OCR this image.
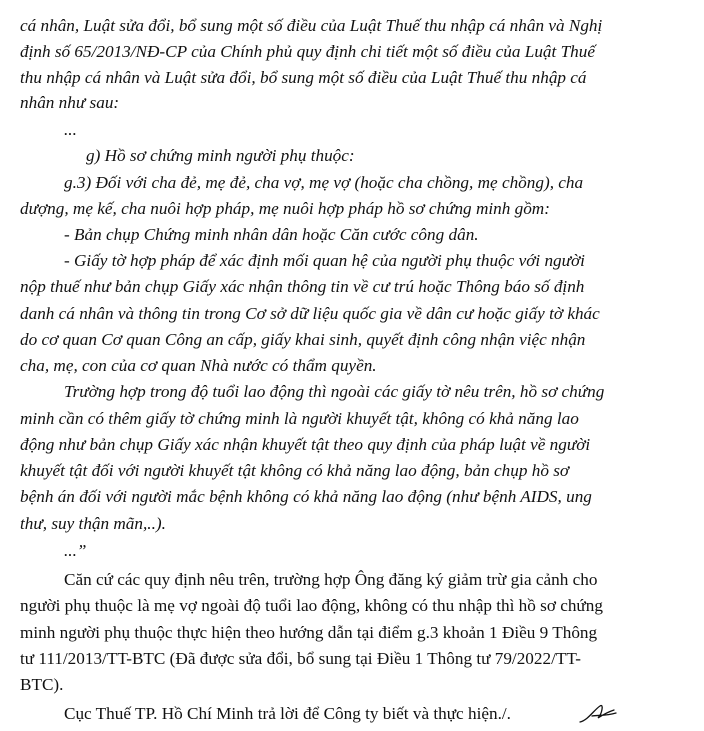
cá nhân, Luật sửa đổi, bổ sung một số điều của Luật Thuế thu nhập cá nhân và Nghị
định số 65/2013/NĐ-CP của Chính phủ quy định chi tiết một số điều của Luật Thuế
thu nhập cá nhân và Luật sửa đổi, bổ sung một số điều của Luật Thuế thu nhập cá
nhân như sau:
...
g) Hồ sơ chứng minh người phụ thuộc:
g.3) Đối với cha đẻ, mẹ đẻ, cha vợ, mẹ vợ (hoặc cha chồng, mẹ chồng), cha
dượng, mẹ kế, cha nuôi hợp pháp, mẹ nuôi hợp pháp hồ sơ chứng minh gồm:
- Bản chụp Chứng minh nhân dân hoặc Căn cước công dân.
- Giấy tờ hợp pháp để xác định mối quan hệ của người phụ thuộc với người
nộp thuế như bản chụp Giấy xác nhận thông tin về cư trú hoặc Thông báo số định
danh cá nhân và thông tin trong Cơ sở dữ liệu quốc gia về dân cư hoặc giấy tờ khác
do cơ quan Cơ quan Công an cấp, giấy khai sinh, quyết định công nhận việc nhận
cha, mẹ, con của cơ quan Nhà nước có thẩm quyền.
Trường hợp trong độ tuổi lao động thì ngoài các giấy tờ nêu trên, hồ sơ chứng
minh cần có thêm giấy tờ chứng minh là người khuyết tật, không có khả năng lao
động như bản chụp Giấy xác nhận khuyết tật theo quy định của pháp luật về người
khuyết tật đối với người khuyết tật không có khả năng lao động, bản chụp hồ sơ
bệnh án đối với người mắc bệnh không có khả năng lao động (như bệnh AIDS, ung
thư, suy thận mãn,..).
...”
Căn cứ các quy định nêu trên, trường hợp Ông đăng ký giảm trừ gia cảnh cho
người phụ thuộc là mẹ vợ ngoài độ tuổi lao động, không có thu nhập thì hồ sơ chứng
minh người phụ thuộc thực hiện theo hướng dẫn tại điểm g.3 khoản 1 Điều 9 Thông
tư 111/2013/TT-BTC (Đã được sửa đổi, bổ sung tại Điều 1 Thông tư 79/2022/TT-
BTC).
Cục Thuế TP. Hồ Chí Minh trả lời để Công ty biết và thực hiện./.
